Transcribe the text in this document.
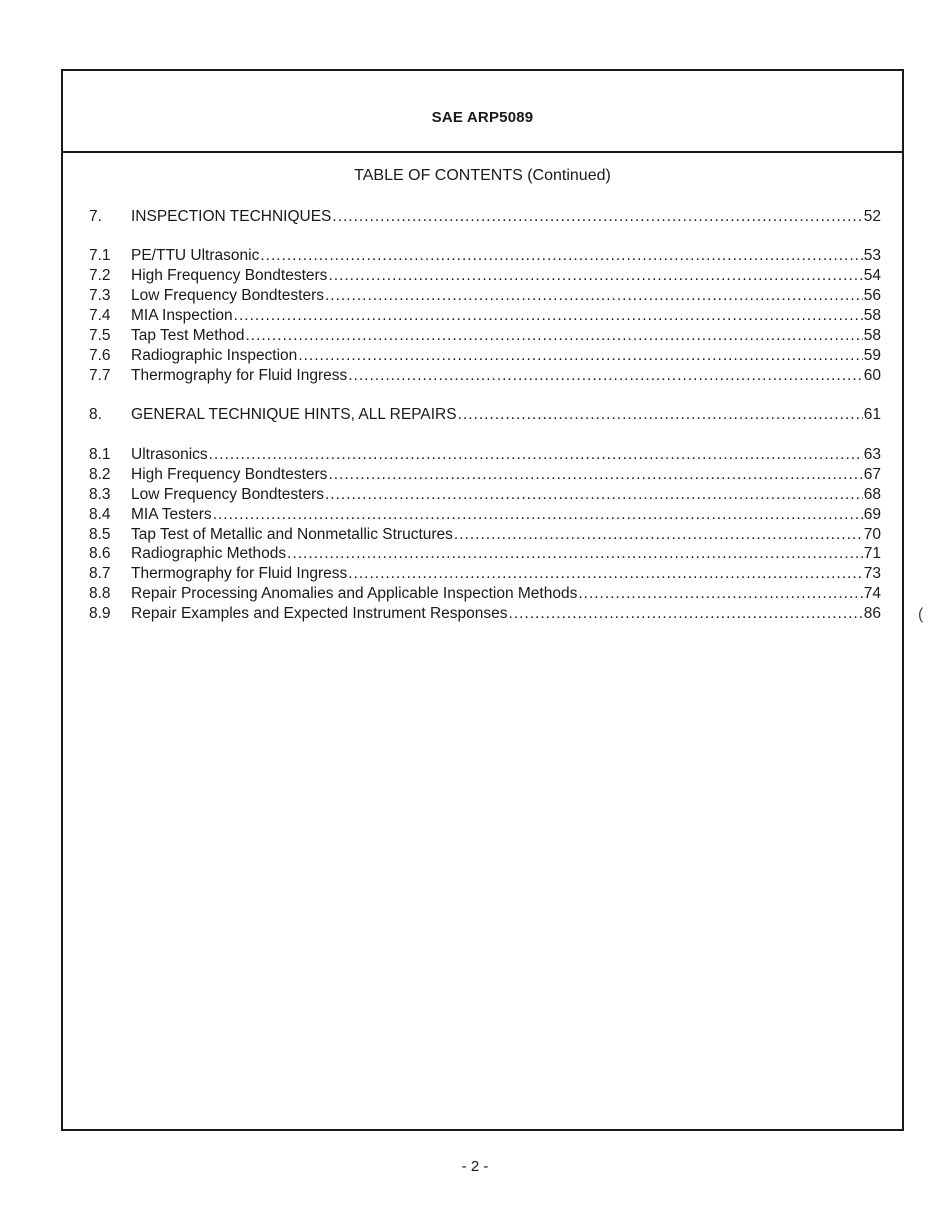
SAE ARP5089
TABLE OF CONTENTS (Continued)
7.	INSPECTION TECHNIQUES .....	52
7.1	PE/TTU Ultrasonic .....	53
7.2	High Frequency Bondtesters .....	54
7.3	Low Frequency Bondtesters .....	56
7.4	MIA Inspection .....	58
7.5	Tap Test Method .....	58
7.6	Radiographic Inspection .....	59
7.7	Thermography for Fluid Ingress .....	60
8.	GENERAL TECHNIQUE HINTS, ALL REPAIRS .....	61
8.1	Ultrasonics .....	63
8.2	High Frequency Bondtesters .....	67
8.3	Low Frequency Bondtesters .....	68
8.4	MIA Testers .....	69
8.5	Tap Test of Metallic and Nonmetallic Structures .....	70
8.6	Radiographic Methods .....	71
8.7	Thermography for Fluid Ingress .....	73
8.8	Repair Processing Anomalies and Applicable Inspection Methods .....	74
8.9	Repair Examples and Expected Instrument Responses .....	86
- 2 -
(
